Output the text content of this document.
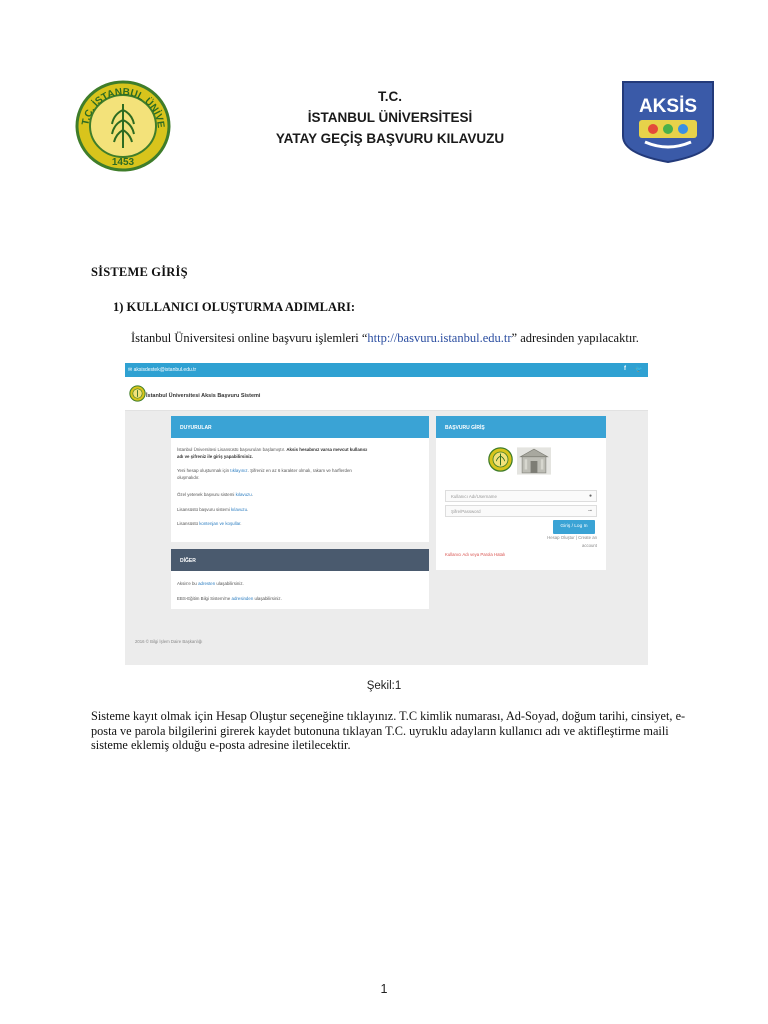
T.C. İSTANBUL ÜNİVE
1453
T.C.
İSTANBUL ÜNİVERSİTESİ
YATAY GEÇİŞ BAŞVURU KILAVUZU
AKSİS
SİSTEME GİRİŞ
1) KULLANICI OLUŞTURMA ADIMLARI:
İstanbul Üniversitesi online başvuru işlemleri “http://basvuru.istanbul.edu.tr” adresinden yapılacaktır.
✉ aksisdestek@istanbul.edu.tr	f 🐦
İstanbul Üniversitesi Aksis Başvuru Sistemi
DUYURULAR
İstanbul Üniversitesi Lisansüstü başvuruları başlamıştır. Aksis hesabınız varsa mevcut kullanıcı
adı ve şifreniz ile giriş yapabilirsiniz.
Yeni hesap oluşturmak için tıklayınız. Şifreniz en az 6 karakter olmalı, rakam ve harflerden
oluşmalıdır.
Özel yetenek başvuru sistemi kılavuzu.
Lisansüstü başvuru sistemi kılavuzu.
Lisansüstü kontenjan ve koşullar.
DİĞER
Aksis'e bu adresten ulaşabilirsiniz.
EBS-Eğitim Bilgi Sistemi'ne adresinden ulaşabilirsiniz.
BAŞVURU GİRİŞ
Kullanıcı Adı/Username	●
Şifre/Password	⊸
Giriş / Log In
Hesap Oluştur | Create an
account
Kullanıcı Adı veya Parola Hatalı
2016 © Bilgi İşlem Daire Başkanlığı
Şekil:1
Sisteme kayıt olmak için Hesap Oluştur seçeneğine tıklayınız. T.C kimlik numarası, Ad-Soyad, doğum tarihi, cinsiyet, e-posta ve parola bilgilerini girerek kaydet butonuna tıklayan T.C. uyruklu adayların kullanıcı adı ve aktifleştirme maili sisteme eklemiş olduğu e-posta adresine iletilecektir.
1
